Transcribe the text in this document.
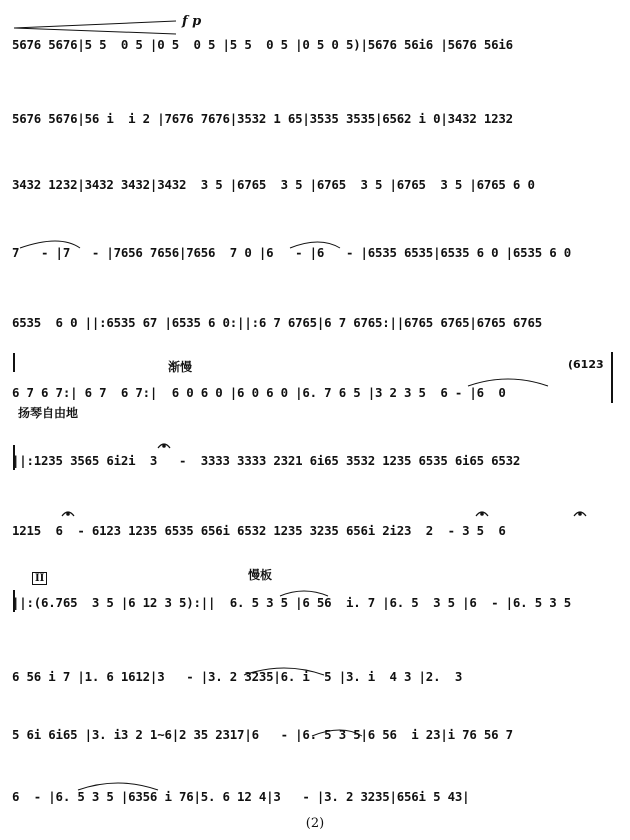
f p
5676 5676|5 5  0 5 |0 5  0 5 |5 5  0 5 |0 5 0 5)|5676 56i6 |5676 56i6
5676 5676|56 i  i 2 |7676 7676|3532 1 65|3535 3535|6562 i 0|3432 1232
3432 1232|3432 3432|3432  3 5 |6765  3 5 |6765  3 5 |6765  3 5 |6765 6 0
7   - |7   - |7656 7656|7656  7 0 |6   - |6   - |6535 6535|6535 6 0 |6535 6 0
6535  6 0 ||:6535 67 |6535 6 0:||:6 7 6765|6 7 6765:||6765 6765|6765 6765
渐慢	(6123
6 7 6 7:| 6 7  6 7:|  6 0 6 0 |6 0 6 0 |6. 7 6 5 |3 2 3 5  6 - |6  0
扬琴自由地
||:1235 3565 6i2i  3   -  3333 3333 2321 6i65 3532 1235 6535 6i65 6532
1215  6  - 6123 1235 6535 656i 6532 1235 3235 656i 2i23  2  - 3 5  6
II	慢板
||:(6.765  3 5 |6 12 3 5):||  6. 5 3 5 |6 56  i. 7 |6. 5  3 5 |6  - |6. 5 3 5
6 56 i 7 |1. 6 1612|3   - |3. 2 3235|6. i  5 |3. i  4 3 |2.  3
5 6i 6i65 |3. i3 2 1~6|2 35 2317|6   - |6. 5 3 5|6 56  i 23|i 76 56 7
6  - |6. 5 3 5 |6356 i 76|5. 6 12 4|3   - |3. 2 3235|656i 5 43|
(2)
